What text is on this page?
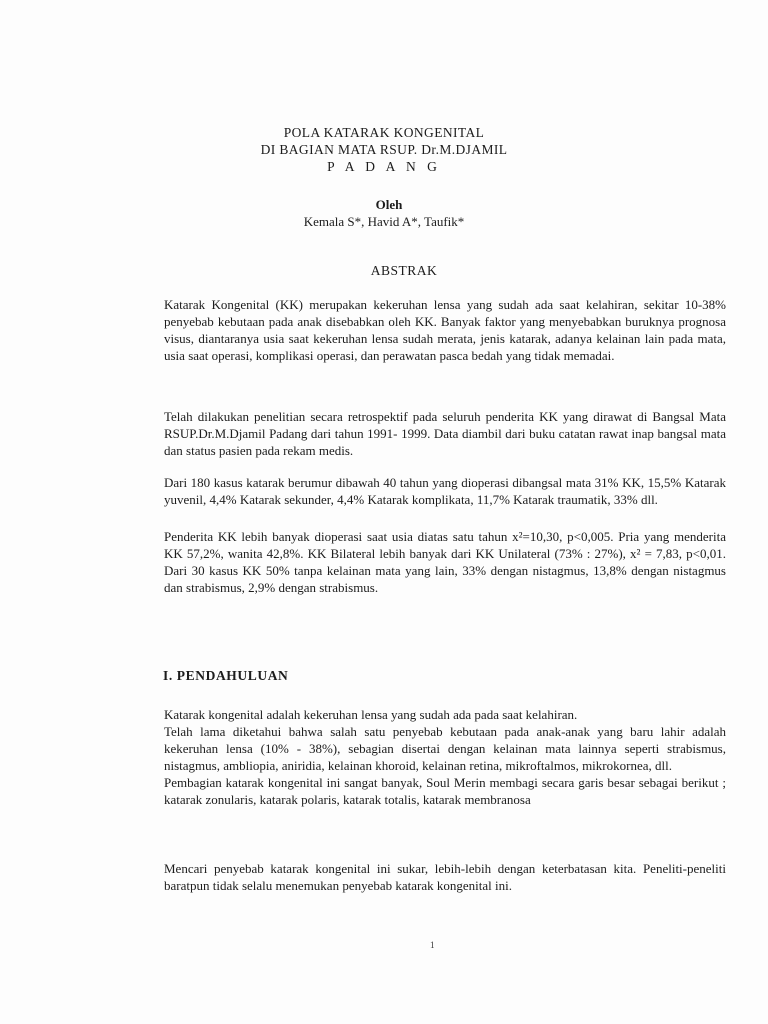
POLA KATARAK KONGENITAL
DI BAGIAN MATA RSUP. Dr.M.DJAMIL
P A D A N G
Oleh
Kemala S*, Havid A*, Taufik*
ABSTRAK

Katarak Kongenital (KK) merupakan kekeruhan lensa yang sudah ada saat kelahiran, sekitar 10-38% penyebab kebutaan pada anak disebabkan oleh KK. Banyak faktor yang menyebabkan buruknya prognosa visus, diantaranya usia saat kekeruhan lensa sudah merata, jenis katarak, adanya kelainan lain pada mata, usia saat operasi, komplikasi operasi, dan perawatan pasca bedah yang tidak memadai.

Telah dilakukan penelitian secara retrospektif pada seluruh penderita KK yang dirawat di Bangsal Mata RSUP.Dr.M.Djamil Padang dari tahun 1991- 1999. Data diambil dari buku catatan rawat inap bangsal mata dan status pasien pada rekam medis.

Dari 180 kasus katarak berumur dibawah 40 tahun yang dioperasi dibangsal mata 31% KK, 15,5% Katarak yuvenil, 4,4% Katarak sekunder, 4,4% Katarak komplikata, 11,7% Katarak traumatik, 33% dll.

Penderita KK lebih banyak dioperasi saat usia diatas satu tahun x²=10,30, p<0,005. Pria yang menderita KK 57,2%, wanita 42,8%. KK Bilateral lebih banyak dari KK Unilateral (73% : 27%), x² = 7,83, p<0,01. Dari 30 kasus KK 50% tanpa kelainan mata yang lain, 33% dengan nistagmus, 13,8% dengan nistagmus dan strabismus, 2,9% dengan strabismus.

I. PENDAHULUAN
Katarak kongenital adalah kekeruhan lensa yang sudah ada pada saat kelahiran.
Telah lama diketahui bahwa salah satu penyebab kebutaan pada anak-anak yang baru lahir adalah kekeruhan lensa (10% - 38%), sebagian disertai dengan kelainan mata lainnya seperti strabismus, nistagmus, ambliopia, aniridia, kelainan khoroid, kelainan retina, mikroftalmos, mikrokornea, dll.
Pembagian katarak kongenital ini sangat banyak, Soul Merin membagi secara garis besar sebagai berikut ; katarak zonularis, katarak polaris, katarak totalis, katarak membranosa

Mencari penyebab katarak kongenital ini sukar, lebih-lebih dengan keterbatasan kita. Peneliti-peneliti baratpun tidak selalu menemukan penyebab katarak kongenital ini.

1
